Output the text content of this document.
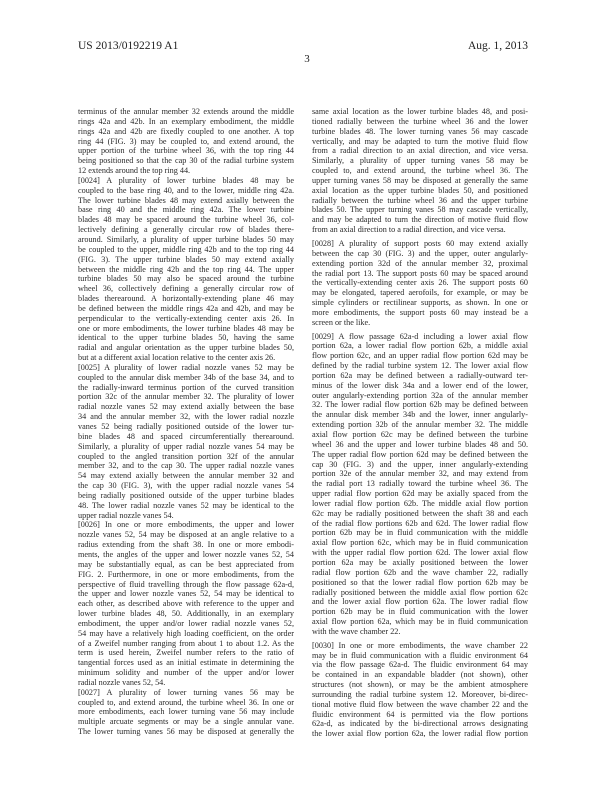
US 2013/0192219 A1	Aug. 1, 2013
3
terminus of the annular member 32 extends around the middle
rings 42a and 42b. In an exemplary embodiment, the middle
rings 42a and 42b are fixedly coupled to one another. A top
ring 44 (FIG. 3) may be coupled to, and extend around, the
upper portion of the turbine wheel 36, with the top ring 44
being positioned so that the cap 30 of the radial turbine system
12 extends around the top ring 44.
[0024] A plurality of lower turbine blades 48 may be
coupled to the base ring 40, and to the lower, middle ring 42a.
The lower turbine blades 48 may extend axially between the
base ring 40 and the middle ring 42a. The lower turbine
blades 48 may be spaced around the turbine wheel 36, col-
lectively defining a generally circular row of blades there-
around. Similarly, a plurality of upper turbine blades 50 may
be coupled to the upper, middle ring 42b and to the top ring 44
(FIG. 3). The upper turbine blades 50 may extend axially
between the middle ring 42b and the top ring 44. The upper
turbine blades 50 may also be spaced around the turbine
wheel 36, collectively defining a generally circular row of
blades therearound. A horizontally-extending plane 46 may
be defined between the middle rings 42a and 42b, and may be
perpendicular to the vertically-extending center axis 26. In
one or more embodiments, the lower turbine blades 48 may be
identical to the upper turbine blades 50, having the same
radial and angular orientation as the upper turbine blades 50,
but at a different axial location relative to the center axis 26.
[0025] A plurality of lower radial nozzle vanes 52 may be
coupled to the annular disk member 34b of the base 34, and to
the radially-inward terminus portion of the curved transition
portion 32c of the annular member 32. The plurality of lower
radial nozzle vanes 52 may extend axially between the base
34 and the annular member 32, with the lower radial nozzle
vanes 52 being radially positioned outside of the lower tur-
bine blades 48 and spaced circumferentially therearound.
Similarly, a plurality of upper radial nozzle vanes 54 may be
coupled to the angled transition portion 32f of the annular
member 32, and to the cap 30. The upper radial nozzle vanes
54 may extend axially between the annular member 32 and
the cap 30 (FIG. 3), with the upper radial nozzle vanes 54
being radially positioned outside of the upper turbine blades
48. The lower radial nozzle vanes 52 may be identical to the
upper radial nozzle vanes 54.
[0026] In one or more embodiments, the upper and lower
nozzle vanes 52, 54 may be disposed at an angle relative to a
radius extending from the shaft 38. In one or more embodi-
ments, the angles of the upper and lower nozzle vanes 52, 54
may be substantially equal, as can be best appreciated from
FIG. 2. Furthermore, in one or more embodiments, from the
perspective of fluid travelling through the flow passage 62a-d,
the upper and lower nozzle vanes 52, 54 may be identical to
each other, as described above with reference to the upper and
lower turbine blades 48, 50. Additionally, in an exemplary
embodiment, the upper and/or lower radial nozzle vanes 52,
54 may have a relatively high loading coefficient, on the order
of a Zweifel number ranging from about 1 to about 1.2. As the
term is used herein, Zweifel number refers to the ratio of
tangential forces used as an initial estimate in determining the
minimum solidity and number of the upper and/or lower
radial nozzle vanes 52, 54.
[0027] A plurality of lower turning vanes 56 may be
coupled to, and extend around, the turbine wheel 36. In one or
more embodiments, each lower turning vane 56 may include
multiple arcuate segments or may be a single annular vane.
The lower turning vanes 56 may be disposed at generally the
same axial location as the lower turbine blades 48, and posi-
tioned radially between the turbine wheel 36 and the lower
turbine blades 48. The lower turning vanes 56 may cascade
vertically, and may be adapted to turn the motive fluid flow
from a radial direction to an axial direction, and vice versa.
Similarly, a plurality of upper turning vanes 58 may be
coupled to, and extend around, the turbine wheel 36. The
upper turning vanes 58 may be disposed at generally the same
axial location as the upper turbine blades 50, and positioned
radially between the turbine wheel 36 and the upper turbine
blades 50. The upper turning vanes 58 may cascade vertically,
and may be adapted to turn the direction of motive fluid flow
from an axial direction to a radial direction, and vice versa.
[0028] A plurality of support posts 60 may extend axially
between the cap 30 (FIG. 3) and the upper, outer angularly-
extending portion 32d of the annular member 32, proximal
the radial port 13. The support posts 60 may be spaced around
the vertically-extending center axis 26. The support posts 60
may be elongated, tapered aerofoils, for example, or may be
simple cylinders or rectilinear supports, as shown. In one or
more embodiments, the support posts 60 may instead be a
screen or the like.
[0029] A flow passage 62a-d including a lower axial flow
portion 62a, a lower radial flow portion 62b, a middle axial
flow portion 62c, and an upper radial flow portion 62d may be
defined by the radial turbine system 12. The lower axial flow
portion 62a may be defined between a radially-outward ter-
minus of the lower disk 34a and a lower end of the lower,
outer angularly-extending portion 32a of the annular member
32. The lower radial flow portion 62b may be defined between
the annular disk member 34b and the lower, inner angularly-
extending portion 32b of the annular member 32. The middle
axial flow portion 62c may be defined between the turbine
wheel 36 and the upper and lower turbine blades 48 and 50.
The upper radial flow portion 62d may be defined between the
cap 30 (FIG. 3) and the upper, inner angularly-extending
portion 32e of the annular member 32, and may extend from
the radial port 13 radially toward the turbine wheel 36. The
upper radial flow portion 62d may be axially spaced from the
lower radial flow portion 62b. The middle axial flow portion
62c may be radially positioned between the shaft 38 and each
of the radial flow portions 62b and 62d. The lower radial flow
portion 62b may be in fluid communication with the middle
axial flow portion 62c, which may be in fluid communication
with the upper radial flow portion 62d. The lower axial flow
portion 62a may be axially positioned between the lower
radial flow portion 62b and the wave chamber 22, radially
positioned so that the lower radial flow portion 62b may be
radially positioned between the middle axial flow portion 62c
and the lower axial flow portion 62a. The lower radial flow
portion 62b may be in fluid communication with the lower
axial flow portion 62a, which may be in fluid communication
with the wave chamber 22.
[0030] In one or more embodiments, the wave chamber 22
may be in fluid communication with a fluidic environment 64
via the flow passage 62a-d. The fluidic environment 64 may
be contained in an expandable bladder (not shown), other
structures (not shown), or may be the ambient atmosphere
surrounding the radial turbine system 12. Moreover, bi-direc-
tional motive fluid flow between the wave chamber 22 and the
fluidic environment 64 is permitted via the flow portions
62a-d, as indicated by the bi-directional arrows designating
the lower axial flow portion 62a, the lower radial flow portion
